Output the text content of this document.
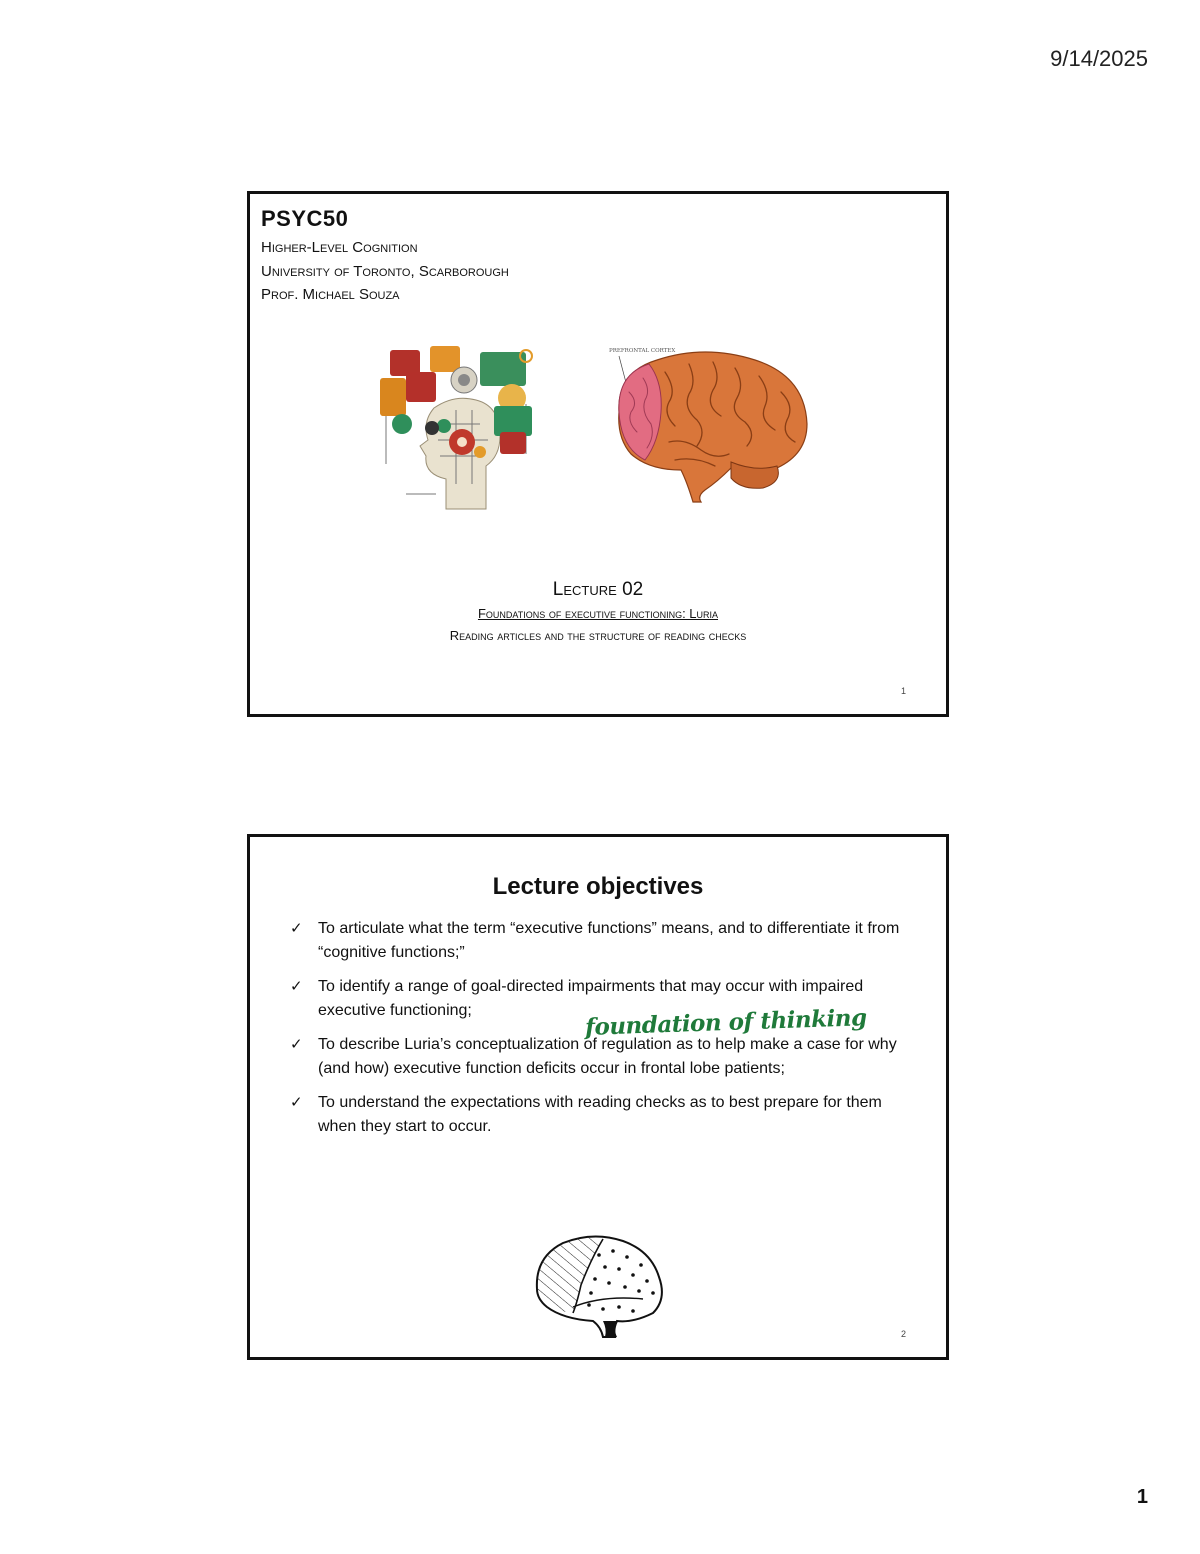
9/14/2025
PSYC50
Higher-Level Cognition
University of Toronto, Scarborough
Prof. Michael Souza
PREFRONTAL CORTEX
Lecture 02
Foundations of executive functioning: Luria
Reading articles and the structure of reading checks
1
Lecture objectives
✓ To articulate what the term “executive functions” means, and to differentiate it from “cognitive functions;”
✓ To identify a range of goal-directed impairments that may occur with impaired executive functioning;
✓ To describe Luria’s conceptualization of regulation as to help make a case for why (and how) executive function deficits occur in frontal lobe patients;
✓ To understand the expectations with reading checks as to best prepare for them when they start to occur.
foundation of thinking
2
1
